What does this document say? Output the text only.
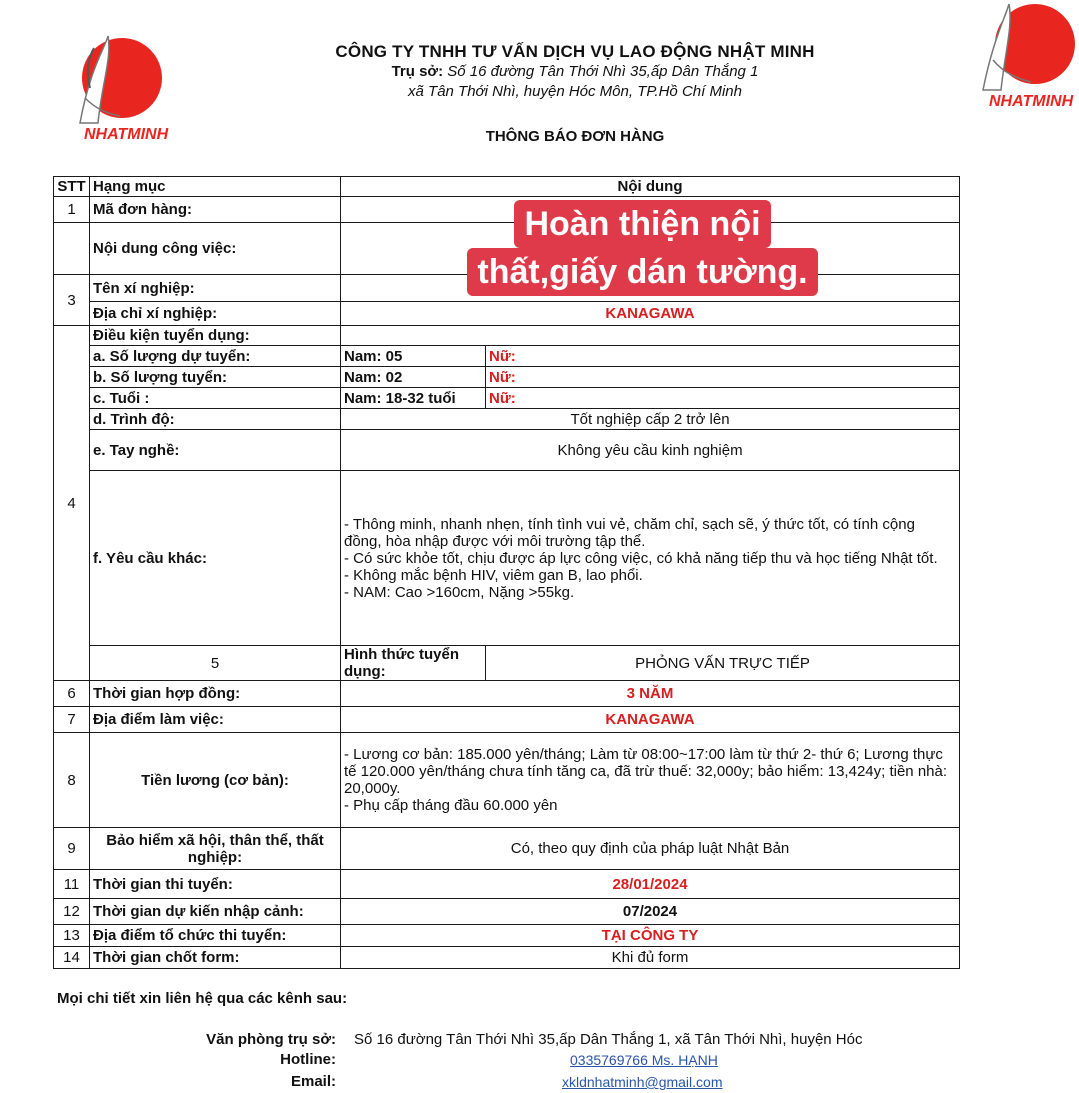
NHATMINH
NHATMINH
CÔNG TY TNHH TƯ VẤN DỊCH VỤ LAO ĐỘNG NHẬT MINH
Trụ sở: Số 16 đường Tân Thới Nhì 35,ấp Dân Thắng 1
xã Tân Thới Nhì, huyện Hóc Môn, TP.Hồ Chí Minh
THÔNG BÁO ĐƠN HÀNG
STT	Hạng mục	Nội dung	
1	Mã đơn hàng:		
	Nội dung công việc:		
3	Tên xí nghiệp:		
	Địa chỉ xí nghiệp:	KANAGAWA	
4	Điều kiện tuyển dụng:		
	a. Số lượng dự tuyển:	Nam: 05	Nữ:
	b. Số lượng tuyển:	Nam: 02	Nữ:
	c. Tuổi :	Nam: 18-32 tuổi	Nữ:
	d. Trình độ:	Tốt nghiệp cấp 2 trở lên	
	e. Tay nghề:	Không yêu cầu kinh nghiệm	
	f. Yêu cầu khác:	- Thông minh, nhanh nhẹn, tính tình vui vẻ, chăm chỉ, sạch sẽ, ý thức tốt, có tính cộng đồng, hòa nhập được với môi trường tập thể.
- Có sức khỏe tốt, chịu được áp lực công việc, có khả năng tiếp thu và học tiếng Nhật tốt.
- Không mắc bệnh HIV, viêm gan B, lao phổi.
- NAM: Cao >160cm, Nặng >55kg.	

	5	Hình thức tuyển dụng:	PHỎNG VẤN TRỰC TIẾP
6	Thời gian hợp đồng:	3 NĂM	
7	Địa điểm làm việc:	KANAGAWA	
8	Tiền lương (cơ bản):	- Lương cơ bản: 185.000 yên/tháng; Làm từ 08:00~17:00 làm từ thứ 2- thứ 6; Lương thực tế 120.000 yên/tháng chưa tính tăng ca, đã trừ thuế: 32,000y; bảo hiểm: 13,424y; tiền nhà: 20,000y.
- Phụ cấp tháng đầu 60.000 yên	

9	Bảo hiểm xã hội, thân thể, thất nghiệp:	Có, theo quy định của pháp luật Nhật Bản	
11	Thời gian thi tuyển:	28/01/2024	
12	Thời gian dự kiến nhập cảnh:	07/2024	
13	Địa điểm tổ chức thi tuyển:	TẠI CÔNG TY	
14	Thời gian chốt form:	Khi đủ form	
Hoàn thiện nội
thất,giấy dán tường.
Mọi chi tiết xin liên hệ qua các kênh sau:
Văn phòng trụ sở: Số 16 đường Tân Thới Nhì 35,ấp Dân Thắng 1, xã Tân Thới Nhì, huyện Hóc
Hotline:	0335769766 Ms. HẠNH
Email:	xkldnhatminh@gmail.com
